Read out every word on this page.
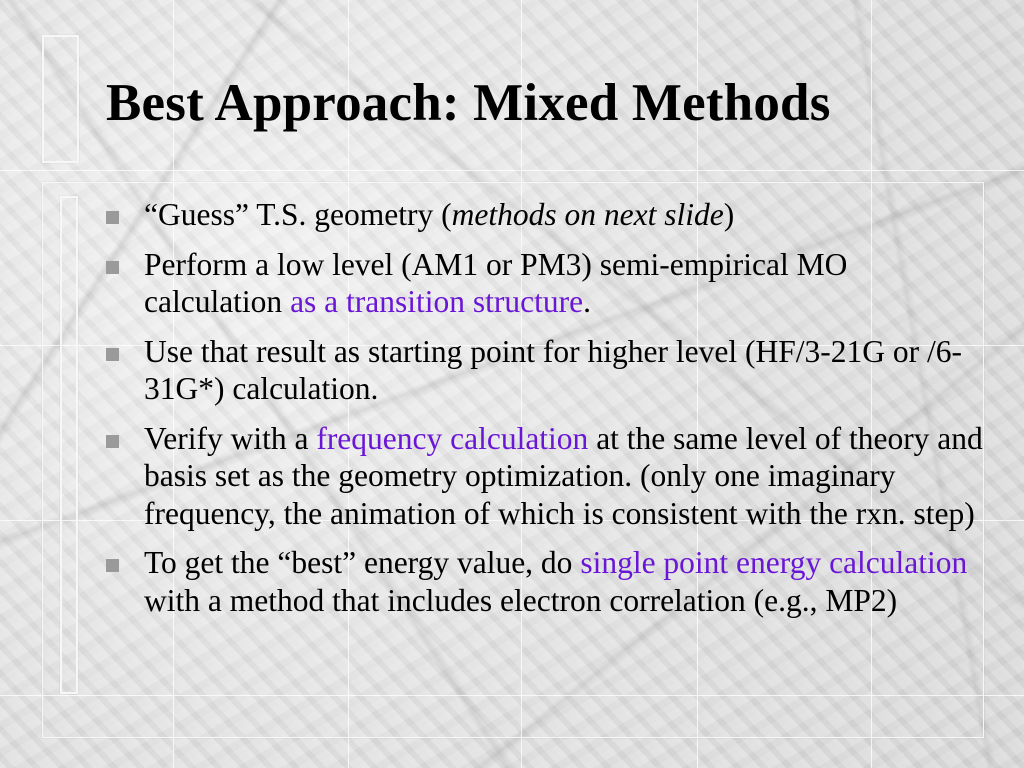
Best Approach: Mixed Methods
“Guess” T.S. geometry (methods on next slide)
Perform a low level (AM1 or PM3) semi-empirical MO calculation as a transition structure.
Use that result as starting point for higher level (HF/3-21G or /6-31G*) calculation.
Verify with a frequency calculation at the same level of theory and basis set as the geometry optimization. (only one imaginary frequency, the animation of which is consistent with the rxn. step)
To get the “best” energy value, do single point energy calculation with a method that includes electron correlation (e.g., MP2)
